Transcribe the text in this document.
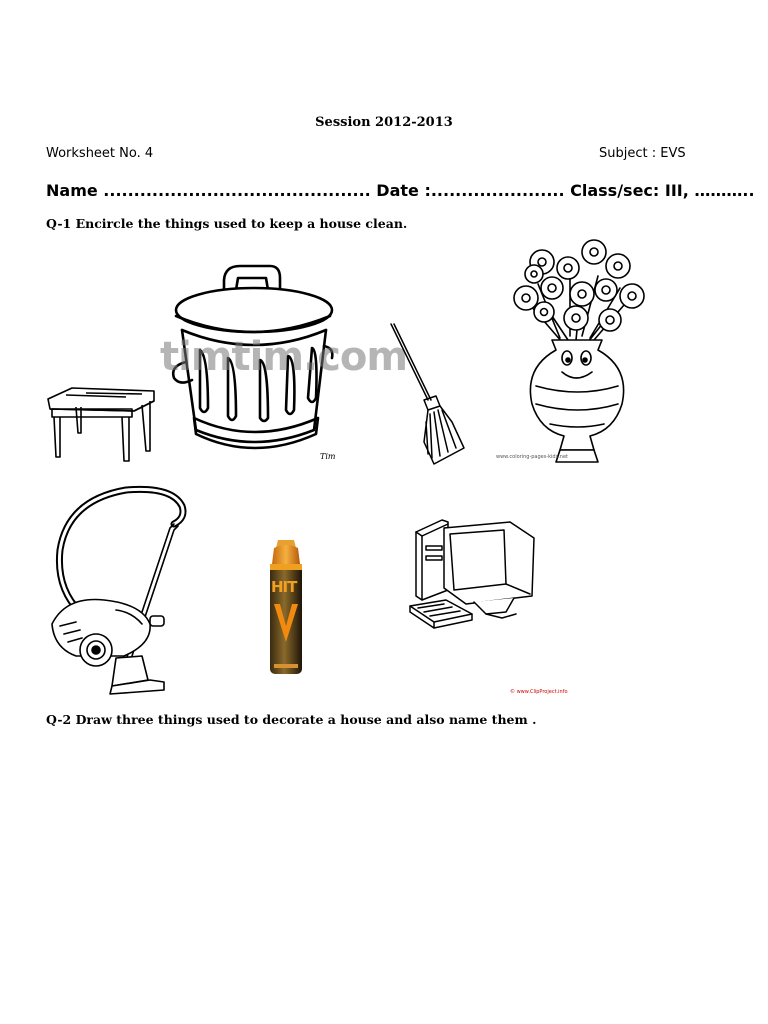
Session 2012-2013
Worksheet No. 4	Subject : EVS
Name ............................................ Date :...................... Class/sec: III, ………..
Q-1 Encircle the things used to keep a house clean.
timtim.com
Tim	www.coloring-pages-kids.net
HIT
© www.ClipProject.info
Q-2 Draw three things used to decorate a house and also name them .
